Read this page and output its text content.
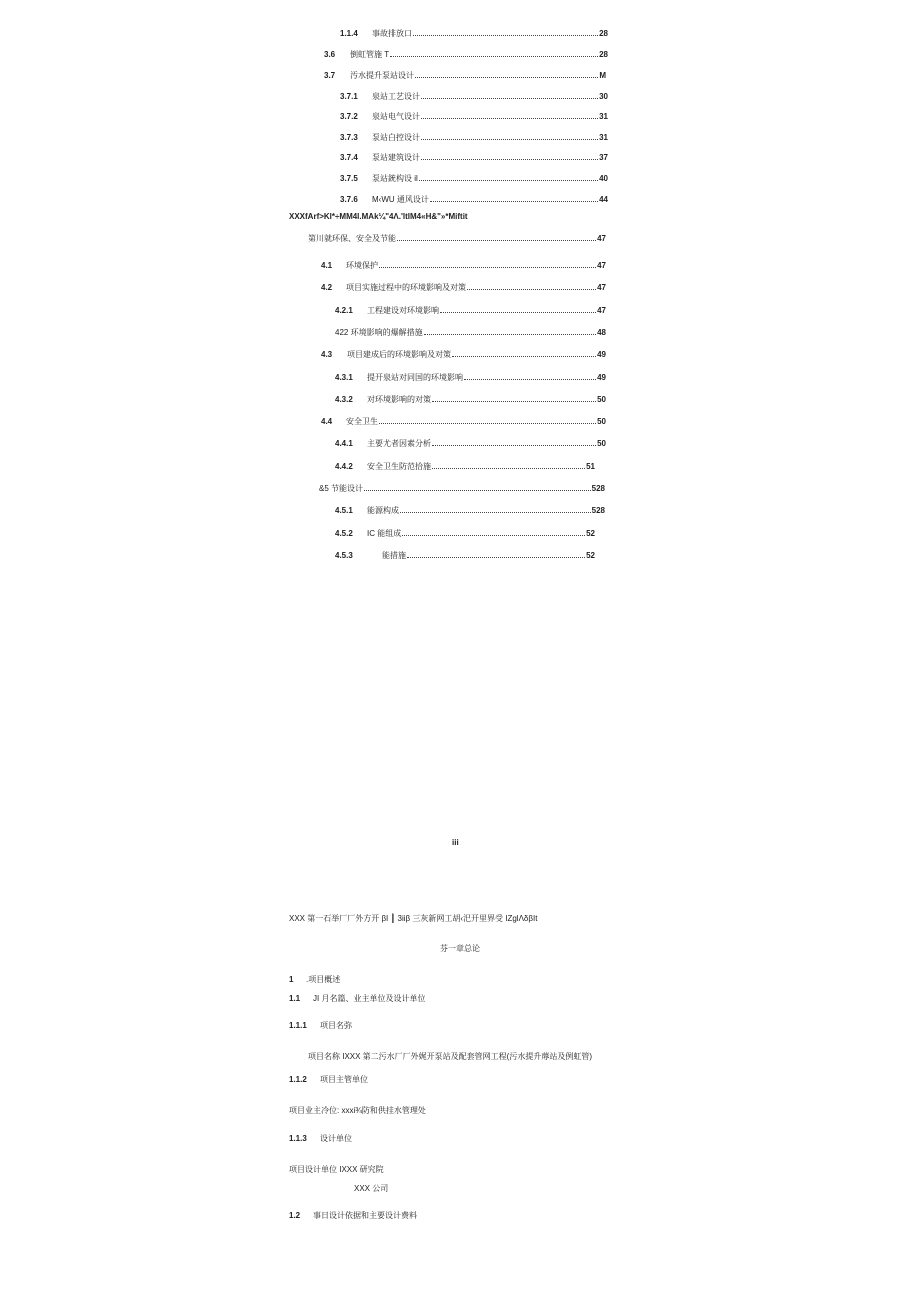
1.1.4	事故排放口	28
3.6	倒虹管施 T	28
3.7	汚水提升泵站设计	M
3.7.1	泉站工艺设计	30
3.7.2	泉站电气设计	31
3.7.3	泵站白控设计	31
3.7.4	泵站建筑设计	37
3.7.5	泵站銃构设 il	40
3.7.6	M‹WU 通风设计	44
XXXfArf>Kl*÷MM4l.MAk¼"4Λ.'ltlM4«H&"»*Miftit
第川就环保、安全及节能	47
4.1	环境保护	47
4.2	项目实施过程中的环境影响及对策	47
4.2.1	工程建设对环境影响	47
422 环境影响的爆解措施	48
4.3	项目建成后的环境影响及对策	49
4.3.1	提开泉站对同国的环境影响	49
4.3.2	对环境影响的对策	50
4.4	安全卫生	50
4.4.1	主要尤者因素分析	50
4.4.2	安全卫生防范拾施	51
&5 节能设计	528
4.5.1	能源构成	528
4.5.2	IC 能组成	52
4.5.3	能措施	52
iii
XXX 第一石举厂厂外方开 βI ┃ 3iiβ 三灰新网工胡‹汜开里界受 IZglΛδβIt
芬一章总论
1 .项目概述
1.1 JI 月名篇、业主单位及设计单位
1.1.1 项目名弥
项目名称 IXXX 第二污水厂厂外娓开泵站及配套管网工程(污水提升蓐站及例虹管)
1.1.2 项目主管单位
项目业主冷位: xxxi¾防和供挂水管理处
1.1.3 设计单位
项目设计单位 IXXX 研究院
XXX 公司
1.2 事日设计依据和主要设计费料
